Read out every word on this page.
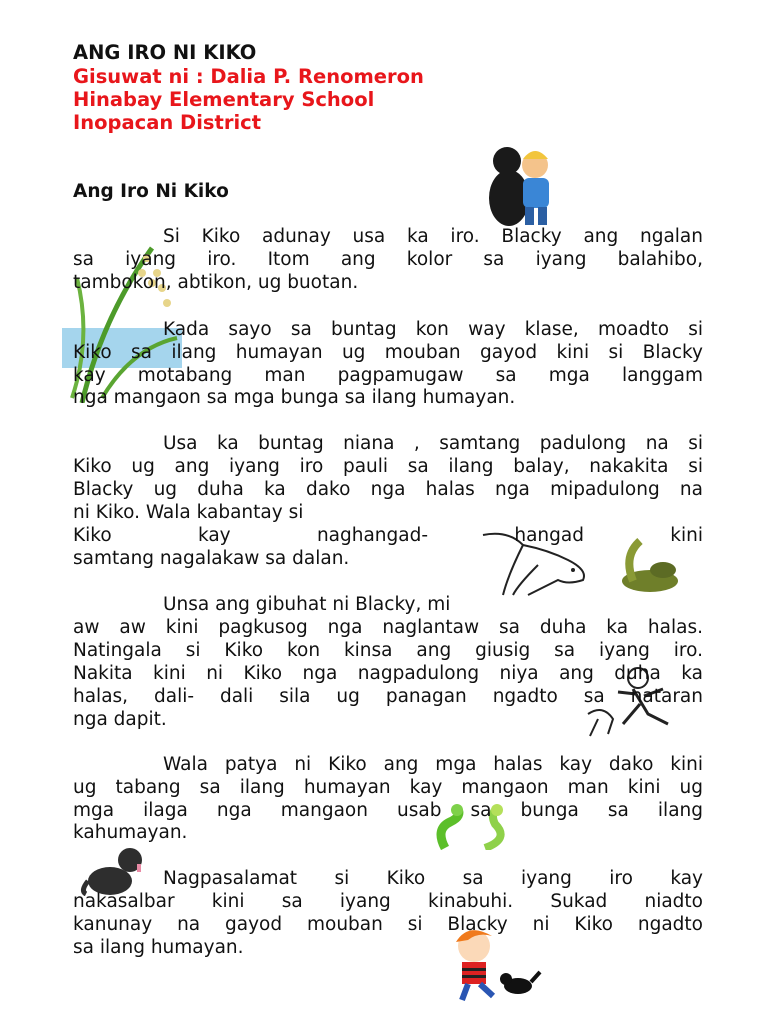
ANG IRO NI KIKO
Gisuwat ni : Dalia P. Renomeron
Hinabay Elementary School
Inopacan District
Ang Iro Ni Kiko
Si Kiko adunay usa ka iro. Blacky ang ngalan
sa iyang iro. Itom ang kolor sa iyang balahibo,
tambokon, abtikon, ug buotan.
Kada sayo sa buntag kon way klase, moadto si
Kiko sa ilang humayan ug mouban gayod kini si Blacky
kay motabang man pagpamugaw sa mga langgam
nga mangaon sa mga bunga sa ilang humayan.
Usa ka buntag niana , samtang padulong na si
Kiko ug ang iyang iro pauli sa ilang balay, nakakita si
Blacky ug duha ka dako nga halas nga mipadulong na
ni Kiko. Wala kabantay si
Kiko kay naghangad- hangad kini
samtang nagalakaw sa dalan.
Unsa ang gibuhat ni Blacky, mi
aw aw kini pagkusog nga naglantaw sa duha ka halas.
Natingala si Kiko kon kinsa ang giusig sa iyang iro.
Nakita kini ni Kiko nga nagpadulong niya ang duha ka
halas, dali- dali sila ug panagan ngadto sa nataran
nga dapit.
Wala patya ni Kiko ang mga halas kay dako kini
ug tabang sa ilang humayan kay mangaon man kini ug
mga ilaga nga mangaon usab sa bunga sa ilang
kahumayan.
Nagpasalamat si Kiko sa iyang iro kay
nakasalbar kini sa iyang kinabuhi. Sukad niadto
kanunay na gayod mouban si Blacky ni Kiko ngadto
sa ilang humayan.
